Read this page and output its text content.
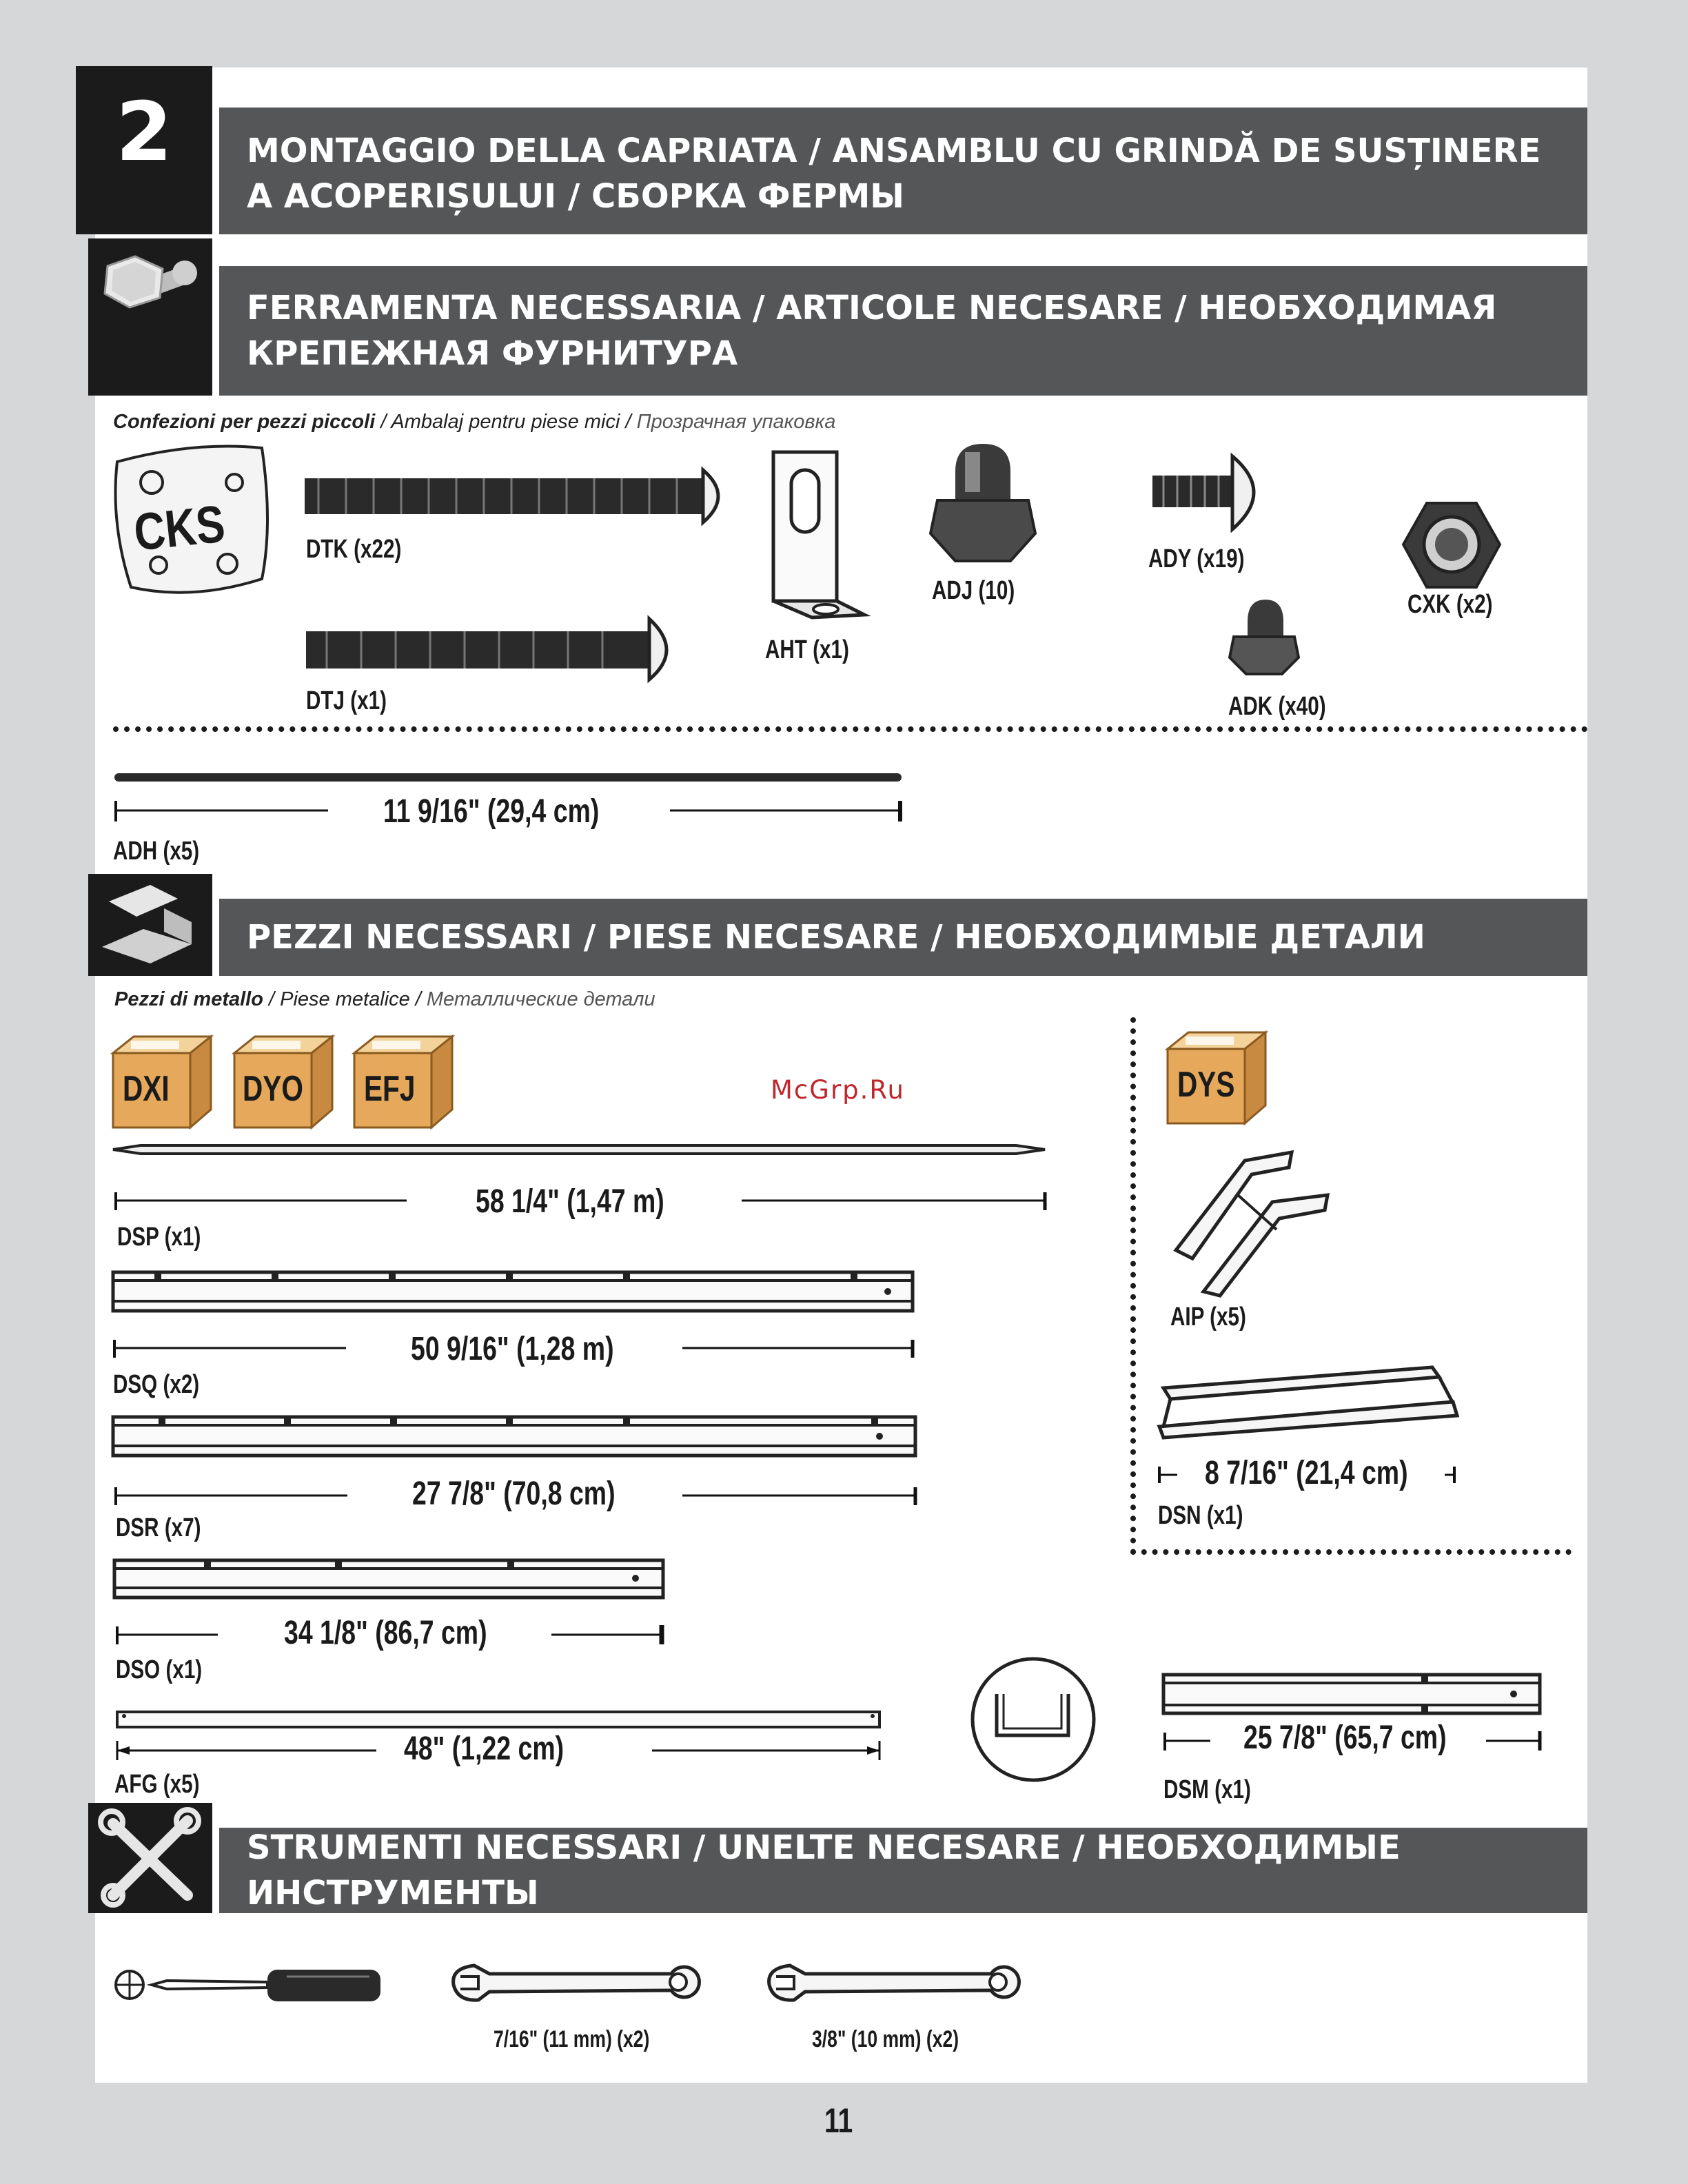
2	MONTAGGIO DELLA CAPRIATA / ANSAMBLU CU GRINDĂ DE SUSȚINERE A ACOPERIȘULUI / СБОРКА ФЕРМЫ
FERRAMENTA NECESSARIA / ARTICOLE NECESARE / НЕОБХОДИМАЯ КРЕПЕЖНАЯ ФУРНИТУРА
Confezioni per pezzi piccoli / Ambalaj pentru piese mici / Прозрачная упаковка
CKS	DTK (x22)
DTJ (x1)
AHT (x1)
ADJ (10)
ADY (x19)
ADK (x40)
CXK (x2)
11 9/16" (29,4 cm)
ADH (x5)
PEZZI NECESSARI / PIESE NECESARE / НЕОБХОДИМЫЕ ДЕТАЛИ
Pezzi di metallo / Piese metalice / Металлические детали
DXI DYO EFJ	McGrp.Ru
58 1/4" (1,47 m)
DSP (x1)
50 9/16" (1,28 m)
DSQ (x2)
27 7/8" (70,8 cm)
DSR (x7)
34 1/8" (86,7 cm)
DSO (x1)
48" (1,22 cm)
AFG (x5)
DYS
AIP (x5)
8 7/16" (21,4 cm)
DSN (x1)
25 7/8" (65,7 cm)
DSM (x1)
STRUMENTI NECESSARI / UNELTE NECESARE / НЕОБХОДИМЫЕ ИНСТРУМЕНТЫ
7/16" (11 mm) (x2)	3/8" (10 mm) (x2)
11
